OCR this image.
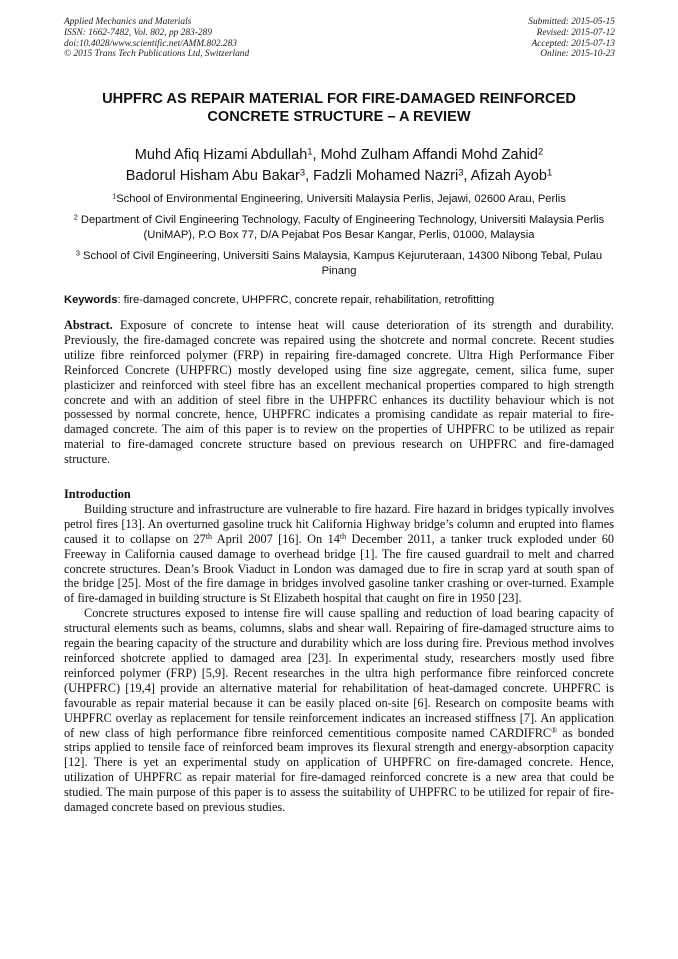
Applied Mechanics and Materials
ISSN: 1662-7482, Vol. 802, pp 283-289
doi:10.4028/www.scientific.net/AMM.802.283
© 2015 Trans Tech Publications Ltd, Switzerland
Submitted: 2015-05-15
Revised: 2015-07-12
Accepted: 2015-07-13
Online: 2015-10-23
UHPFRC AS REPAIR MATERIAL FOR FIRE-DAMAGED REINFORCED CONCRETE STRUCTURE – A REVIEW
Muhd Afiq Hizami Abdullah$^1$, Mohd Zulham Affandi Mohd Zahid$^2$
Badorul Hisham Abu Bakar$^3$, Fadzli Mohamed Nazri$^3$, Afizah Ayob$^1$
$^1$School of Environmental Engineering, Universiti Malaysia Perlis, Jejawi, 02600 Arau, Perlis
$^2$ Department of Civil Engineering Technology, Faculty of Engineering Technology, Universiti Malaysia Perlis (UniMAP), P.O Box 77, D/A Pejabat Pos Besar Kangar, Perlis, 01000, Malaysia
$^3$ School of Civil Engineering, Universiti Sains Malaysia, Kampus Kejuruteraan, 14300 Nibong Tebal, Pulau Pinang
Keywords: fire-damaged concrete, UHPFRC, concrete repair, rehabilitation, retrofitting
Abstract. Exposure of concrete to intense heat will cause deterioration of its strength and durability. Previously, the fire-damaged concrete was repaired using the shotcrete and normal concrete. Recent studies utilize fibre reinforced polymer (FRP) in repairing fire-damaged concrete. Ultra High Performance Fiber Reinforced Concrete (UHPFRC) mostly developed using fine size aggregate, cement, silica fume, super plasticizer and reinforced with steel fibre has an excellent mechanical properties compared to high strength concrete and with an addition of steel fibre in the UHPFRC enhances its ductility behaviour which is not possessed by normal concrete, hence, UHPFRC indicates a promising candidate as repair material to fire-damaged concrete. The aim of this paper is to review on the properties of UHPFRC to be utilized as repair material to fire-damaged concrete structure based on previous research on UHPFRC and fire-damaged structure.
Introduction

Building structure and infrastructure are vulnerable to fire hazard. Fire hazard in bridges typically involves petrol fires [13]. An overturned gasoline truck hit California Highway bridge’s column and erupted into flames caused it to collapse on 27th April 2007 [16]. On 14th December 2011, a tanker truck exploded under 60 Freeway in California caused damage to overhead bridge [1]. The fire caused guardrail to melt and charred concrete structures. Dean’s Brook Viaduct in London was damaged due to fire in scrap yard at south span of the bridge [25]. Most of the fire damage in bridges involved gasoline tanker crashing or over-turned. Example of fire-damaged in building structure is St Elizabeth hospital that caught on fire in 1950 [23].

Concrete structures exposed to intense fire will cause spalling and reduction of load bearing capacity of structural elements such as beams, columns, slabs and shear wall. Repairing of fire-damaged structure aims to regain the bearing capacity of the structure and durability which are loss during fire. Previous method involves reinforced shotcrete applied to damaged area [23]. In experimental study, researchers mostly used fibre reinforced polymer (FRP) [5,9]. Recent researches in the ultra high performance fibre reinforced concrete (UHPFRC) [19,4] provide an alternative material for rehabilitation of heat-damaged concrete. UHPFRC is favourable as repair material because it can be easily placed on-site [6]. Research on composite beams with UHPFRC overlay as replacement for tensile reinforcement indicates an increased stiffness [7]. An application of new class of high performance fibre reinforced cementitious composite named CARDIFRC® as bonded strips applied to tensile face of reinforced beam improves its flexural strength and energy-absorption capacity [12]. There is yet an experimental study on application of UHPFRC on fire-damaged concrete. Hence, utilization of UHPFRC as repair material for fire-damaged reinforced concrete is a new area that could be studied. The main purpose of this paper is to assess the suitability of UHPFRC to be utilized for repair of fire-damaged concrete based on previous studies.
